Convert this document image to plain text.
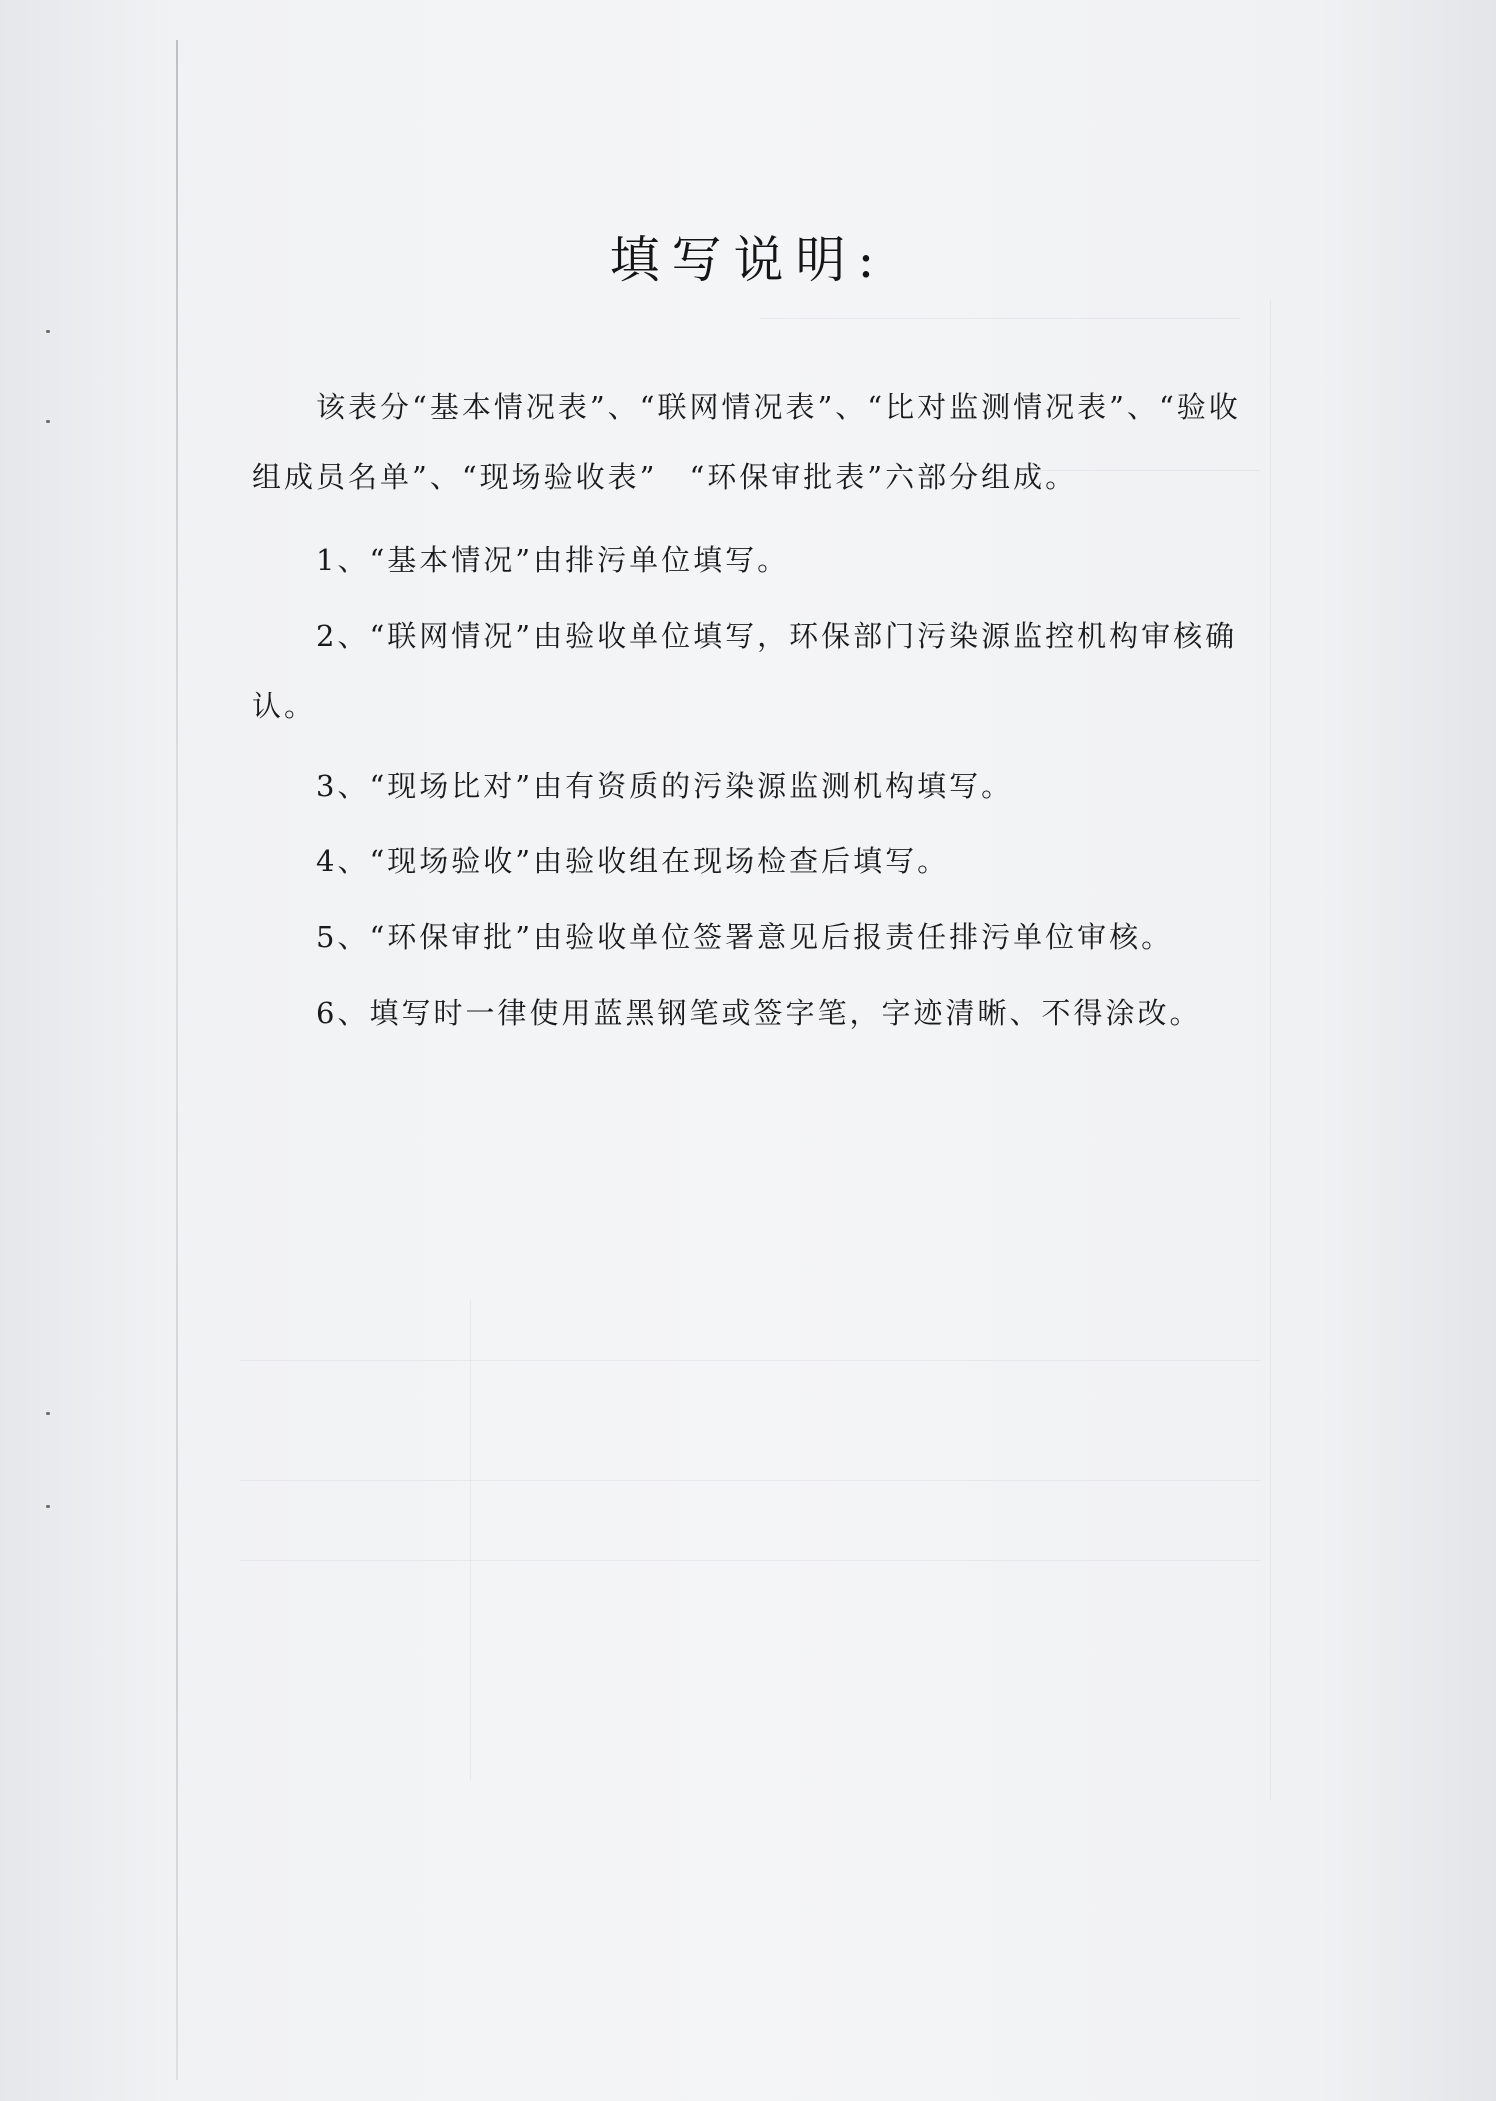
填写说明:

该表分“基本情况表”、“联网情况表”、“比对监测情况表”、“验收组成员名单”、“现场验收表”　“环保审批表”六部分组成。

1、“基本情况”由排污单位填写。
2、“联网情况”由验收单位填写，环保部门污染源监控机构审核确认。
3、“现场比对”由有资质的污染源监测机构填写。
4、“现场验收”由验收组在现场检查后填写。
5、“环保审批”由验收单位签署意见后报责任排污单位审核。
6、填写时一律使用蓝黑钢笔或签字笔，字迹清晰、不得涂改。
